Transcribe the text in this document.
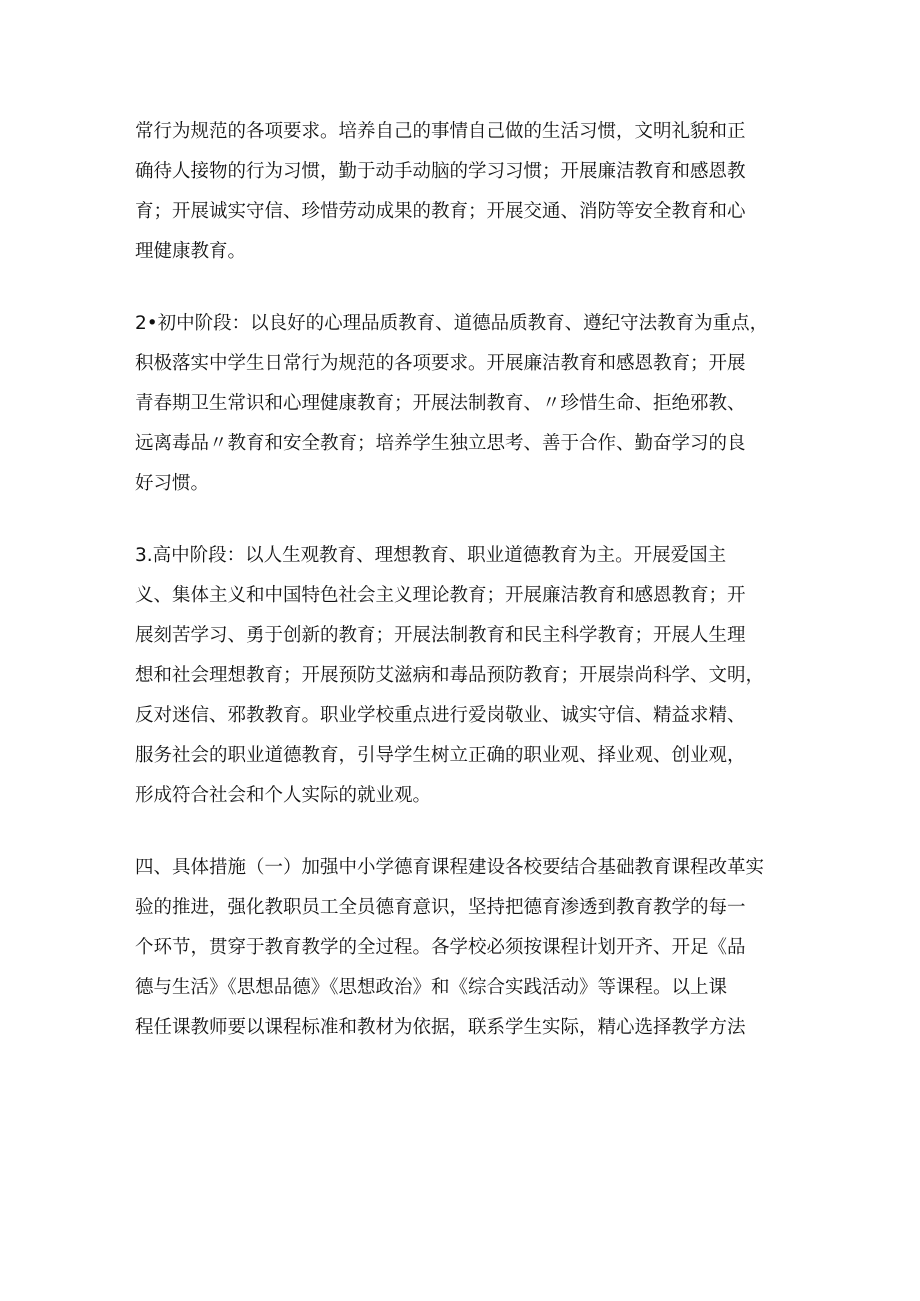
常行为规范的各项要求。培养自己的事情自己做的生活习惯，文明礼貌和正
确待人接物的行为习惯，勤于动手动脑的学习习惯；开展廉洁教育和感恩教
育；开展诚实守信、珍惜劳动成果的教育；开展交通、消防等安全教育和心
理健康教育。
2•初中阶段：以良好的心理品质教育、道德品质教育、遵纪守法教育为重点，
积极落实中学生日常行为规范的各项要求。开展廉洁教育和感恩教育；开展
青春期卫生常识和心理健康教育；开展法制教育、〃珍惜生命、拒绝邪教、
远离毒品〃教育和安全教育；培养学生独立思考、善于合作、勤奋学习的良
好习惯。
3.高中阶段：以人生观教育、理想教育、职业道德教育为主。开展爱国主
义、集体主义和中国特色社会主义理论教育；开展廉洁教育和感恩教育；开
展刻苦学习、勇于创新的教育；开展法制教育和民主科学教育；开展人生理
想和社会理想教育；开展预防艾滋病和毒品预防教育；开展崇尚科学、文明，
反对迷信、邪教教育。职业学校重点进行爱岗敬业、诚实守信、精益求精、
服务社会的职业道德教育，引导学生树立正确的职业观、择业观、创业观，
形成符合社会和个人实际的就业观。
四、具体措施（一）加强中小学德育课程建设各校要结合基础教育课程改革实
验的推进，强化教职员工全员德育意识，坚持把德育渗透到教育教学的每一
个环节，贯穿于教育教学的全过程。各学校必须按课程计划开齐、开足《品
德与生活》《思想品德》《思想政治》和《综合实践活动》等课程。以上课
程任课教师要以课程标准和教材为依据，联系学生实际，精心选择教学方法
